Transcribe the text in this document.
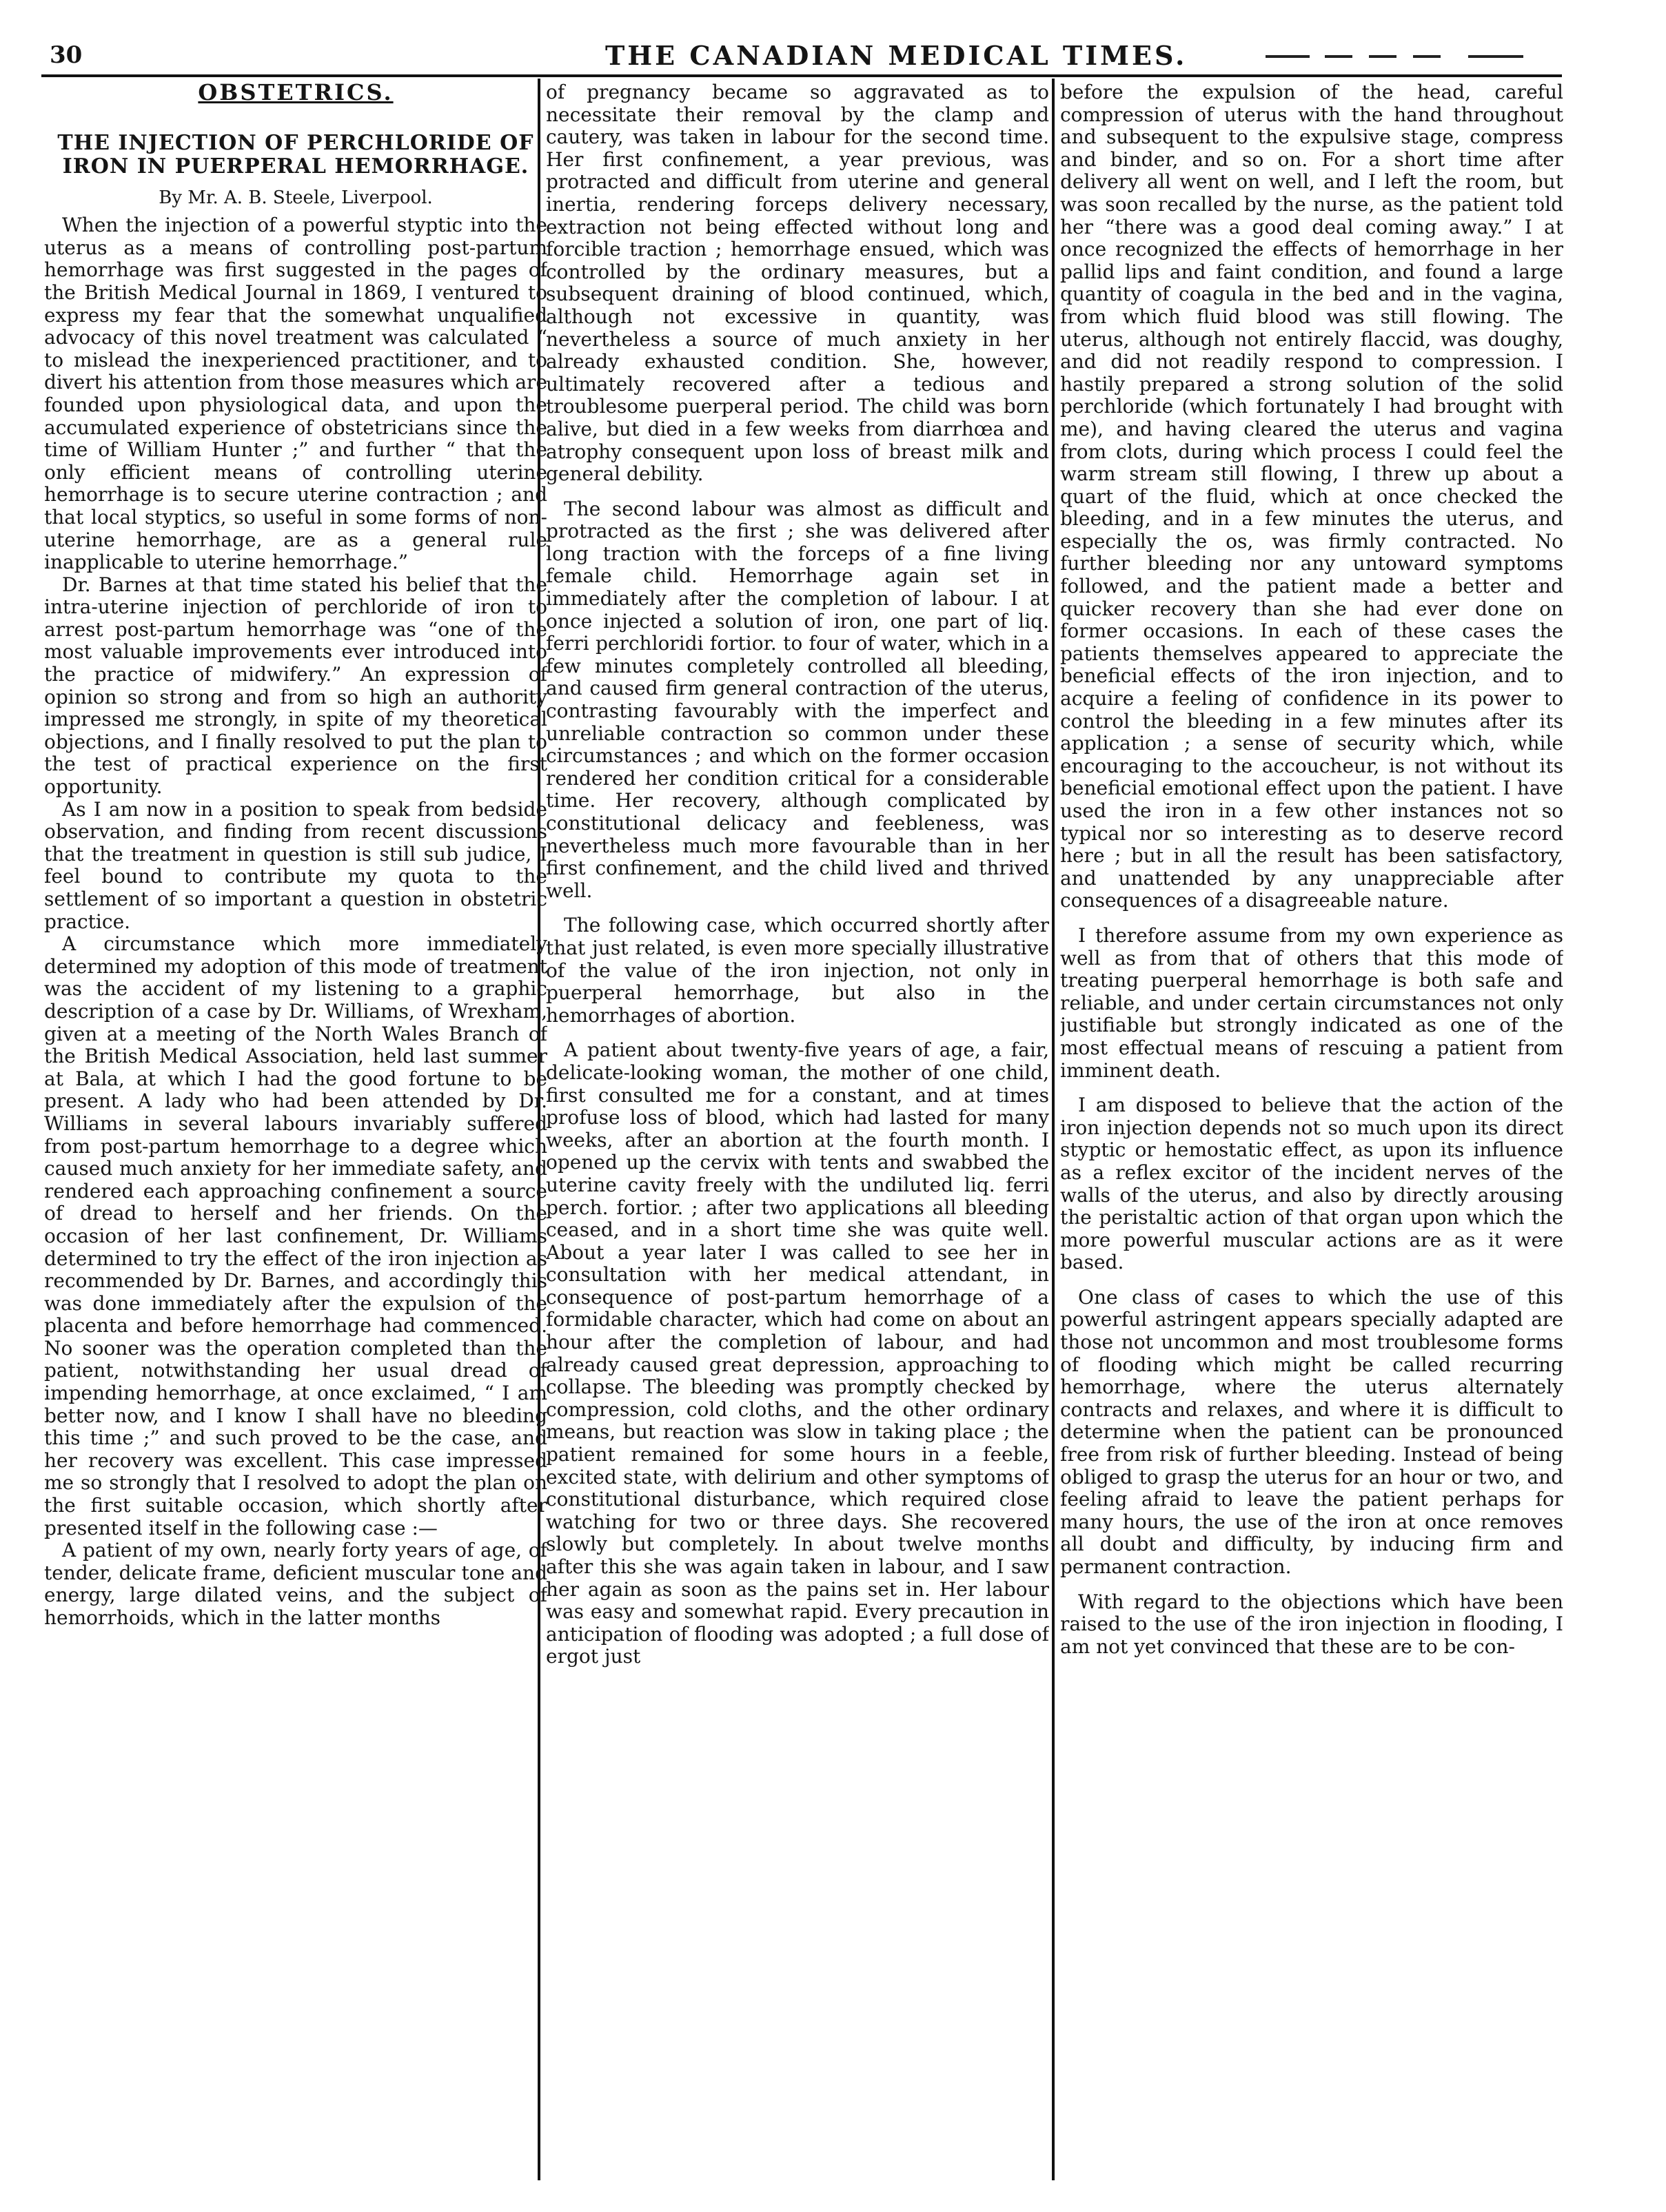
30	THE CANADIAN MEDICAL TIMES.
OBSTETRICS.
THE INJECTION OF PERCHLORIDE OF IRON IN PUERPERAL HEMORRHAGE.
By Mr. A. B. Steele, Liverpool.

When the injection of a powerful styptic into the uterus as a means of controlling post-partum hemorrhage was first suggested in the pages of the British Medical Journal in 1869, I ventured to express my fear that the somewhat unqualified advocacy of this novel treatment was calculated “ to mislead the inexperienced practitioner, and to divert his attention from those measures which are founded upon physiological data, and upon the accumulated experience of obstetricians since the time of William Hunter ;” and further “ that the only efficient means of controlling uterine hemorrhage is to secure uterine contraction ; and that local styptics, so useful in some forms of non-uterine hemorrhage, are as a general rule inapplicable to uterine hemorrhage.”

Dr. Barnes at that time stated his belief that the intra-uterine injection of perchloride of iron to arrest post-partum hemorrhage was “one of the most valuable improvements ever introduced into the practice of midwifery.” An expression of opinion so strong and from so high an authority impressed me strongly, in spite of my theoretical objections, and I finally resolved to put the plan to the test of practical experience on the first opportunity.

As I am now in a position to speak from bedside observation, and finding from recent discussions that the treatment in question is still sub judice, I feel bound to contribute my quota to the settlement of so important a question in obstetric practice.

A circumstance which more immediately determined my adoption of this mode of treatment was the accident of my listening to a graphic description of a case by Dr. Williams, of Wrexham, given at a meeting of the North Wales Branch of the British Medical Association, held last summer at Bala, at which I had the good fortune to be present. A lady who had been attended by Dr. Williams in several labours invariably suffered from post-partum hemorrhage to a degree which caused much anxiety for her immediate safety, and rendered each approaching confinement a source of dread to herself and her friends. On the occasion of her last confinement, Dr. Williams determined to try the effect of the iron injection as recommended by Dr. Barnes, and accordingly this was done immediately after the expulsion of the placenta and before hemorrhage had commenced. No sooner was the operation completed than the patient, notwithstanding her usual dread of impending hemorrhage, at once exclaimed, “ I am better now, and I know I shall have no bleeding this time ;” and such proved to be the case, and her recovery was excellent. This case impressed me so strongly that I resolved to adopt the plan on the first suitable occasion, which shortly after presented itself in the following case :—

A patient of my own, nearly forty years of age, of tender, delicate frame, deficient muscular tone and energy, large dilated veins, and the subject of hemorrhoids, which in the latter months

of pregnancy became so aggravated as to necessitate their removal by the clamp and cautery, was taken in labour for the second time. Her first confinement, a year previous, was protracted and difficult from uterine and general inertia, rendering forceps delivery necessary, extraction not being effected without long and forcible traction ; hemorrhage ensued, which was controlled by the ordinary measures, but a subsequent draining of blood continued, which, although not excessive in quantity, was nevertheless a source of much anxiety in her already exhausted condition. She, however, ultimately recovered after a tedious and troublesome puerperal period. The child was born alive, but died in a few weeks from diarrhœa and atrophy consequent upon loss of breast milk and general debility.

The second labour was almost as difficult and protracted as the first ; she was delivered after long traction with the forceps of a fine living female child. Hemorrhage again set in immediately after the completion of labour. I at once injected a solution of iron, one part of liq. ferri perchloridi fortior. to four of water, which in a few minutes completely controlled all bleeding, and caused firm general contraction of the uterus, contrasting favourably with the imperfect and unreliable contraction so common under these circumstances ; and which on the former occasion rendered her condition critical for a considerable time. Her recovery, although complicated by constitutional delicacy and feebleness, was nevertheless much more favourable than in her first confinement, and the child lived and thrived well.

The following case, which occurred shortly after that just related, is even more specially illustrative of the value of the iron injection, not only in puerperal hemorrhage, but also in the hemorrhages of abortion.

A patient about twenty-five years of age, a fair, delicate-looking woman, the mother of one child, first consulted me for a constant, and at times profuse loss of blood, which had lasted for many weeks, after an abortion at the fourth month. I opened up the cervix with tents and swabbed the uterine cavity freely with the undiluted liq. ferri perch. fortior. ; after two applications all bleeding ceased, and in a short time she was quite well. About a year later I was called to see her in consultation with her medical attendant, in consequence of post-partum hemorrhage of a formidable character, which had come on about an hour after the completion of labour, and had already caused great depression, approaching to collapse. The bleeding was promptly checked by compression, cold cloths, and the other ordinary means, but reaction was slow in taking place ; the patient remained for some hours in a feeble, excited state, with delirium and other symptoms of constitutional disturbance, which required close watching for two or three days. She recovered slowly but completely. In about twelve months after this she was again taken in labour, and I saw her again as soon as the pains set in. Her labour was easy and somewhat rapid. Every precaution in anticipation of flooding was adopted ; a full dose of ergot just

before the expulsion of the head, careful compression of uterus with the hand throughout and subsequent to the expulsive stage, compress and binder, and so on. For a short time after delivery all went on well, and I left the room, but was soon recalled by the nurse, as the patient told her “there was a good deal coming away.” I at once recognized the effects of hemorrhage in her pallid lips and faint condition, and found a large quantity of coagula in the bed and in the vagina, from which fluid blood was still flowing. The uterus, although not entirely flaccid, was doughy, and did not readily respond to compression. I hastily prepared a strong solution of the solid perchloride (which fortunately I had brought with me), and having cleared the uterus and vagina from clots, during which process I could feel the warm stream still flowing, I threw up about a quart of the fluid, which at once checked the bleeding, and in a few minutes the uterus, and especially the os, was firmly contracted. No further bleeding nor any untoward symptoms followed, and the patient made a better and quicker recovery than she had ever done on former occasions. In each of these cases the patients themselves appeared to appreciate the beneficial effects of the iron injection, and to acquire a feeling of confidence in its power to control the bleeding in a few minutes after its application ; a sense of security which, while encouraging to the accoucheur, is not without its beneficial emotional effect upon the patient. I have used the iron in a few other instances not so typical nor so interesting as to deserve record here ; but in all the result has been satisfactory, and unattended by any unappreciable after consequences of a disagreeable nature.

I therefore assume from my own experience as well as from that of others that this mode of treating puerperal hemorrhage is both safe and reliable, and under certain circumstances not only justifiable but strongly indicated as one of the most effectual means of rescuing a patient from imminent death.

I am disposed to believe that the action of the iron injection depends not so much upon its direct styptic or hemostatic effect, as upon its influence as a reflex excitor of the incident nerves of the walls of the uterus, and also by directly arousing the peristaltic action of that organ upon which the more powerful muscular actions are as it were based.

One class of cases to which the use of this powerful astringent appears specially adapted are those not uncommon and most troublesome forms of flooding which might be called recurring hemorrhage, where the uterus alternately contracts and relaxes, and where it is difficult to determine when the patient can be pronounced free from risk of further bleeding. Instead of being obliged to grasp the uterus for an hour or two, and feeling afraid to leave the patient perhaps for many hours, the use of the iron at once removes all doubt and difficulty, by inducing firm and permanent contraction.

With regard to the objections which have been raised to the use of the iron injection in flooding, I am not yet convinced that these are to be con-
